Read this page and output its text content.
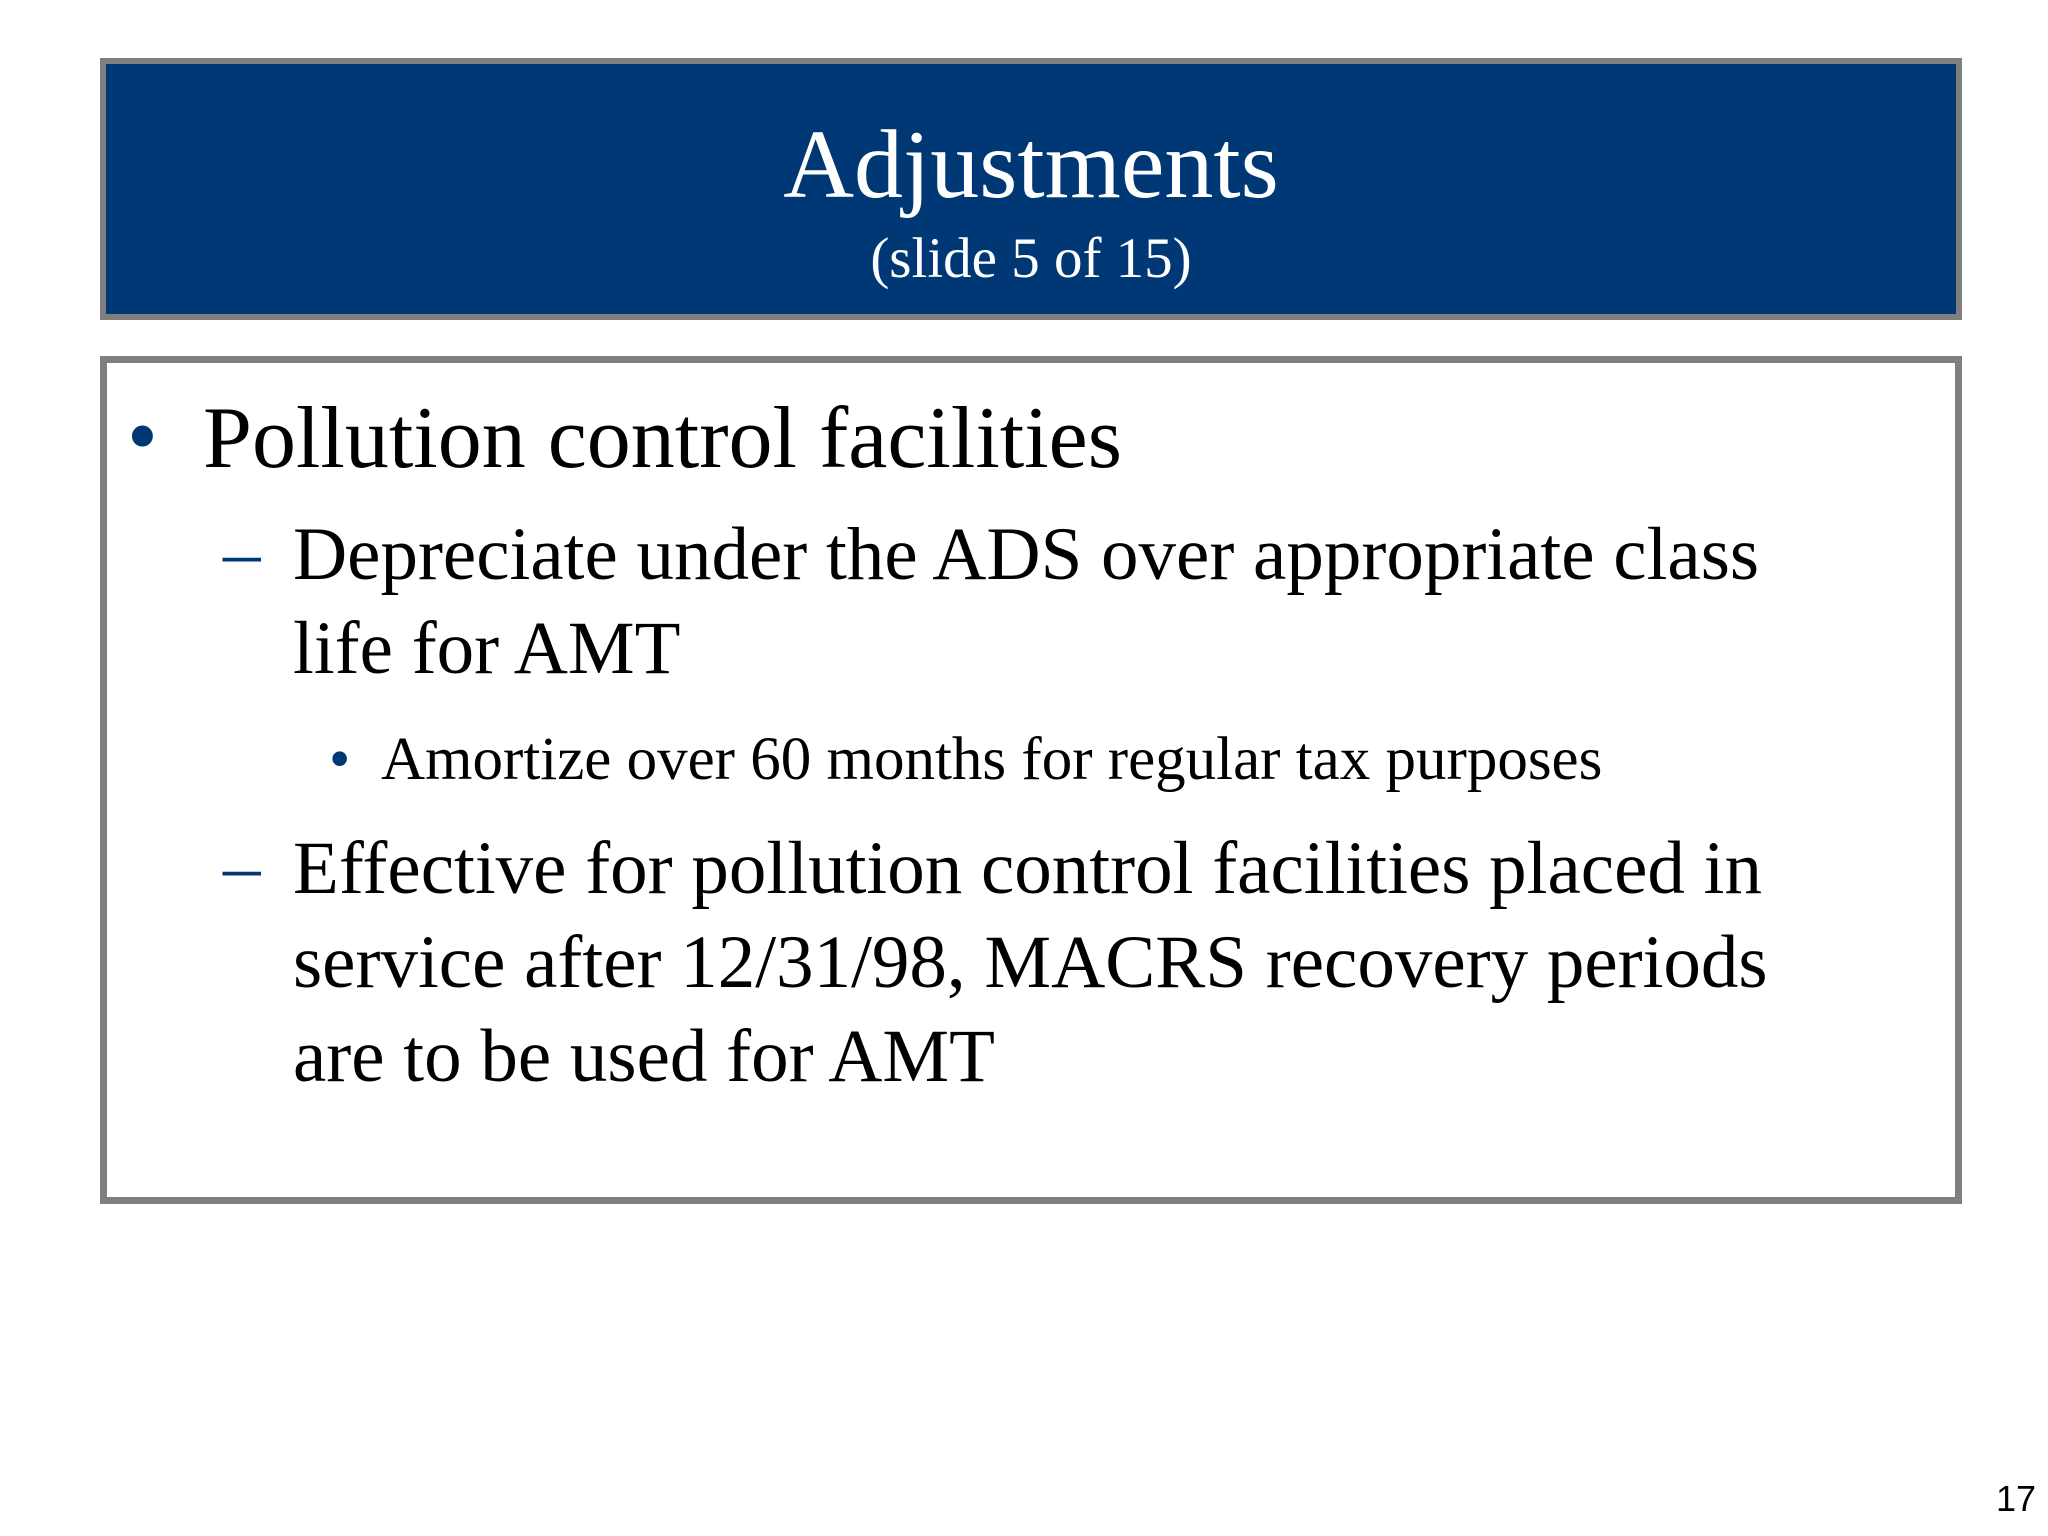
Adjustments
(slide 5 of 15)
• Pollution control facilities
– Depreciate under the ADS over appropriate class
life for AMT
• Amortize over 60 months for regular tax purposes
– Effective for pollution control facilities placed in
service after 12/31/98, MACRS recovery periods
are to be used for AMT
17
